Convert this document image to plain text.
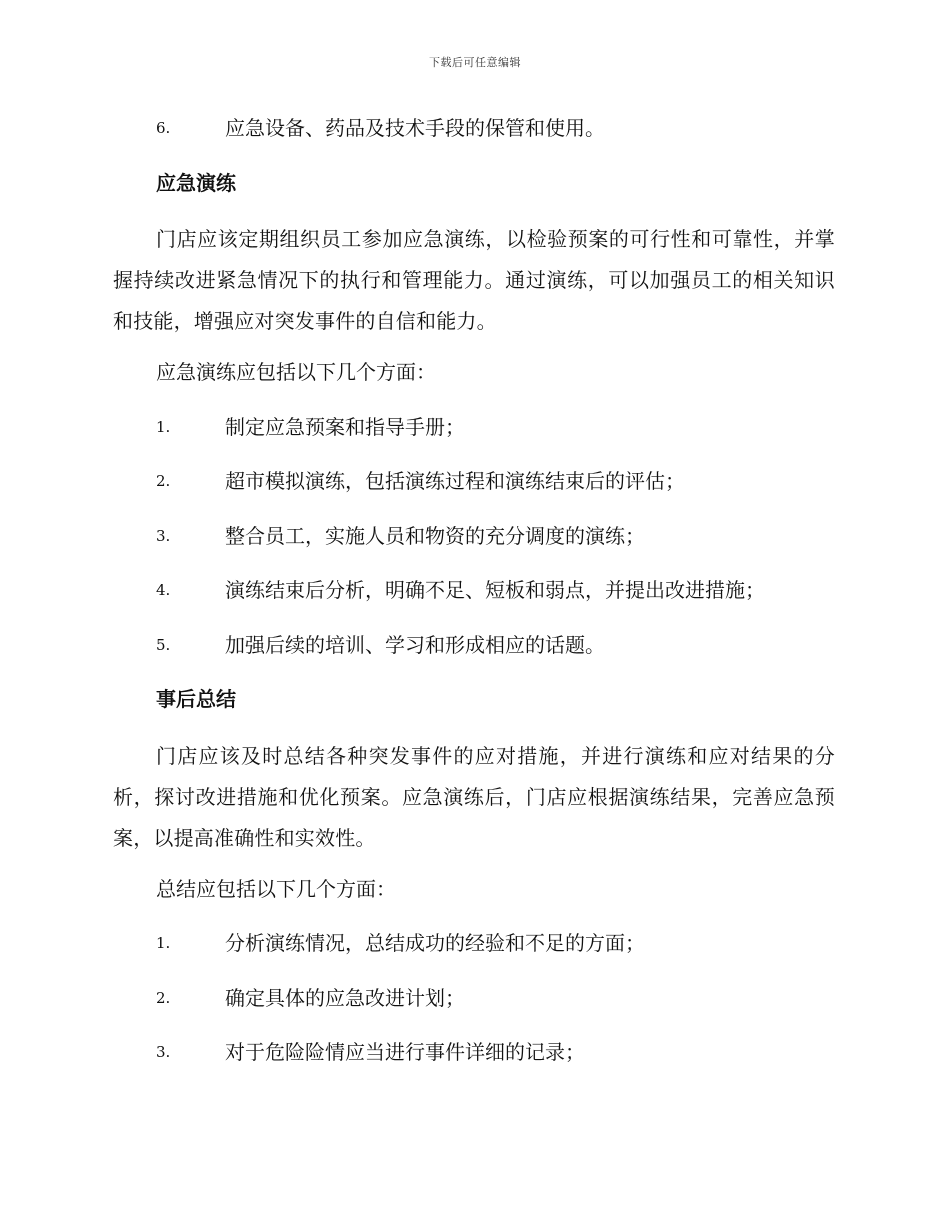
下载后可任意编辑
6.	应急设备、药品及技术手段的保管和使用。
应急演练

门店应该定期组织员工参加应急演练，以检验预案的可行性和可靠性，并掌握持续改进紧急情况下的执行和管理能力。通过演练，可以加强员工的相关知识和技能，增强应对突发事件的自信和能力。

应急演练应包括以下几个方面：
1.	制定应急预案和指导手册；
2.	超市模拟演练，包括演练过程和演练结束后的评估；
3.	整合员工，实施人员和物资的充分调度的演练；
4.	演练结束后分析，明确不足、短板和弱点，并提出改进措施；
5.	加强后续的培训、学习和形成相应的话题。
事后总结

门店应该及时总结各种突发事件的应对措施，并进行演练和应对结果的分析，探讨改进措施和优化预案。应急演练后，门店应根据演练结果，完善应急预案，以提高准确性和实效性。

总结应包括以下几个方面：
1.	分析演练情况，总结成功的经验和不足的方面；
2.	确定具体的应急改进计划；
3.	对于危险险情应当进行事件详细的记录；
